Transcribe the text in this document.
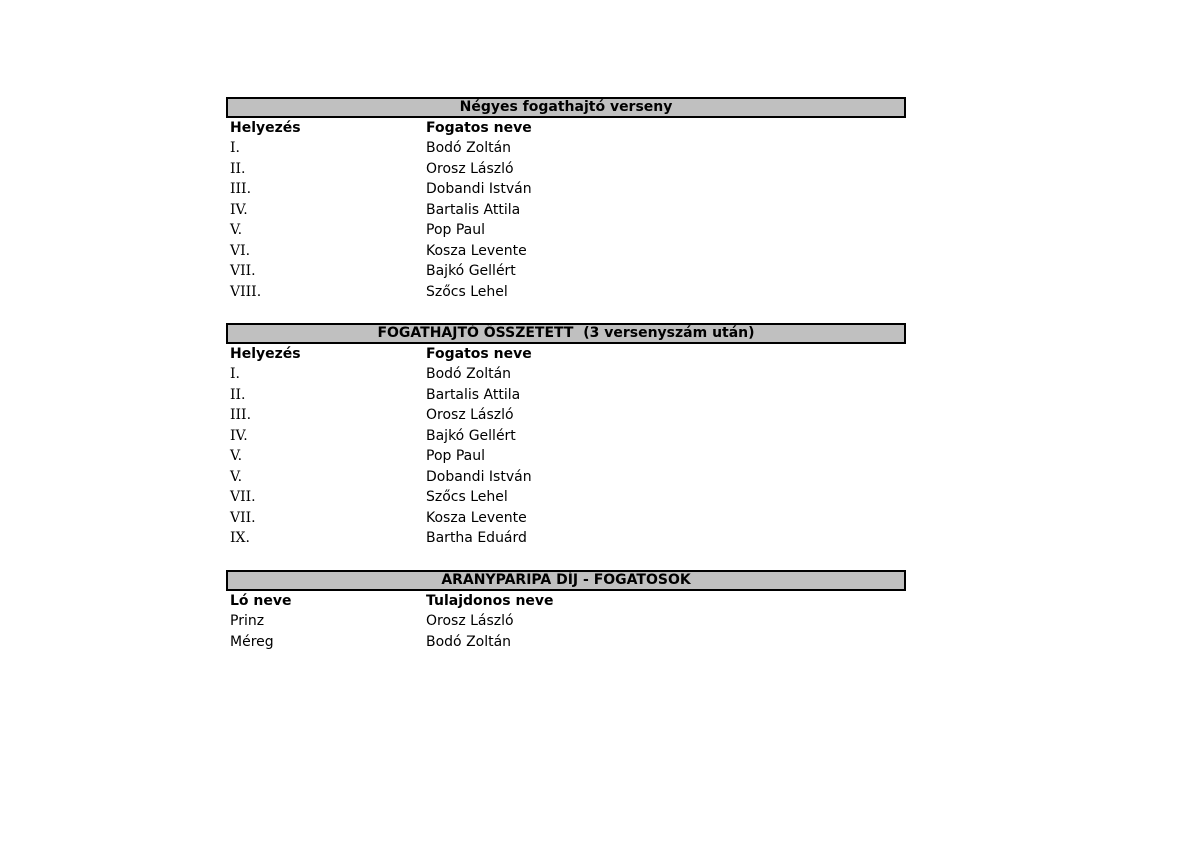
Négyes fogathajtó verseny
Helyezés	Fogatos neve
I.	Bodó Zoltán
II.	Orosz László
III.	Dobandi István
IV.	Bartalis Attila
V.	Pop Paul
VI.	Kosza Levente
VII.	Bajkó Gellért
VIII.	Szőcs Lehel
FOGATHAJTÓ ÖSSZETETT  (3 versenyszám után)
Helyezés	Fogatos neve
I.	Bodó Zoltán
II.	Bartalis Attila
III.	Orosz László
IV.	Bajkó Gellért
V.	Pop Paul
V.	Dobandi István
VII.	Szőcs Lehel
VII.	Kosza Levente
IX.	Bartha Eduárd
ARANYPARIPA DÍJ - FOGATOSOK
Ló neve	Tulajdonos neve
Prinz	Orosz László
Méreg	Bodó Zoltán
